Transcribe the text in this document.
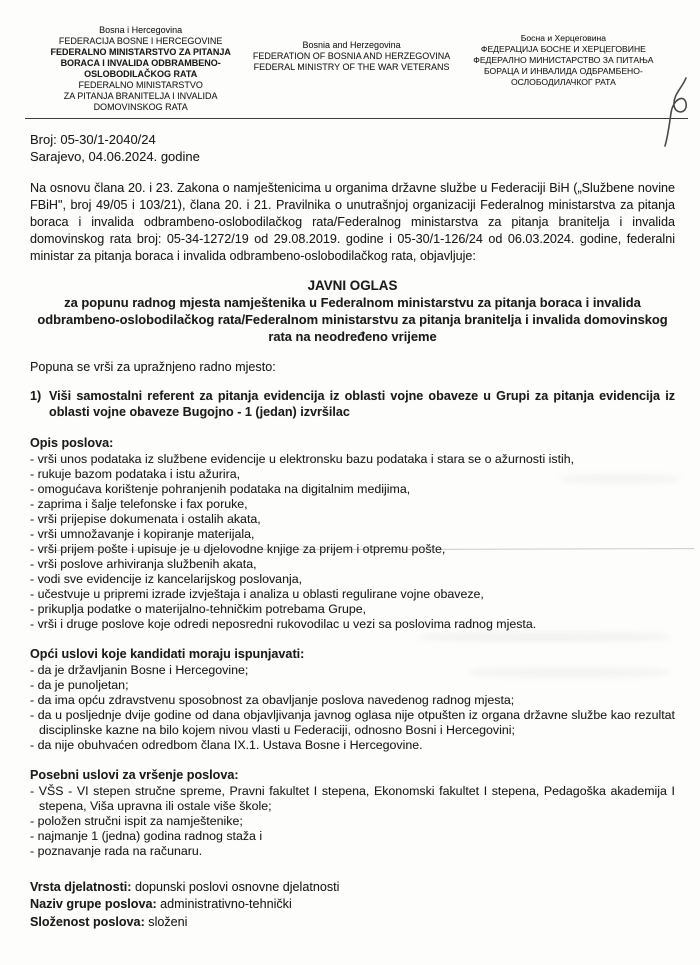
Bosna i Hercegovina
FEDERACIJA BOSNE I HERCEGOVINE
FEDERALNO MINISTARSTVO ZA PITANJA
BORACA I INVALIDA ODBRAMBENO-
OSLOBODILAČKOG RATA
FEDERALNO MINISTARSTVO
ZA PITANJA BRANITELJA I INVALIDA
DOMOVINSKOG RATA
Bosnia and Herzegovina
FEDERATION OF BOSNIA AND HERZEGOVINA
FEDERAL MINISTRY OF THE WAR VETERANS
Босна и Херцеговина
ФЕДЕРАЦИЈА БОСНЕ И ХЕРЦЕГОВИНЕ
ФЕДЕРАЛНО МИНИСТАРСТВО ЗА ПИТАЊА
БОРАЦА И ИНВАЛИДА ОДБРАМБЕНО-
ОСЛОБОДИЛАЧКОГ РАТА
Broj: 05-30/1-2040/24
Sarajevo, 04.06.2024. godine

Na osnovu člana 20. i 23. Zakona o namještenicima u organima državne službe u Federaciji BiH („Službene novine FBiH", broj 49/05 i 103/21), člana 20. i 21. Pravilnika o unutrašnjoj organizaciji Federalnog ministarstva za pitanja boraca i invalida odbrambeno-oslobodilačkog rata/Federalnog ministarstva za pitanja branitelja i invalida domovinskog rata broj: 05-34-1272/19 od 29.08.2019. godine i 05-30/1-126/24 od 06.03.2024. godine, federalni ministar za pitanja boraca i invalida odbrambeno-oslobodilačkog rata, objavljuje:

JAVNI OGLAS
za popunu radnog mjesta namještenika u Federalnom ministarstvu za pitanja boraca i invalida odbrambeno-oslobodilačkog rata/Federalnom ministarstvu za pitanja branitelja i invalida domovinskog rata na neodređeno vrijeme

Popuna se vrši za upražnjeno radno mjesto:

1) Viši samostalni referent za pitanja evidencija iz oblasti vojne obaveze u Grupi za pitanja evidencija iz oblasti vojne obaveze Bugojno - 1 (jedan) izvršilac
Opis poslova:
- vrši unos podataka iz službene evidencije u elektronsku bazu podataka i stara se o ažurnosti istih,
- rukuje bazom podataka i istu ažurira,
- omogućava korištenje pohranjenih podataka na digitalnim medijima,
- zaprima i šalje telefonske i fax poruke,
- vrši prijepise dokumenata i ostalih akata,
- vrši umnožavanje i kopiranje materijala,
- vrši prijem pošte i upisuje je u djelovodne knjige za prijem i otpremu pošte,
- vrši poslove arhiviranja službenih akata,
- vodi sve evidencije iz kancelarijskog poslovanja,
- učestvuje u pripremi izrade izvještaja i analiza u oblasti regulirane vojne obaveze,
- prikuplja podatke o materijalno-tehničkim potrebama Grupe,
- vrši i druge poslove koje odredi neposredni rukovodilac u vezi sa poslovima radnog mjesta.
Opći uslovi koje kandidati moraju ispunjavati:
- da je državljanin Bosne i Hercegovine;
- da je punoljetan;
- da ima opću zdravstvenu sposobnost za obavljanje poslova navedenog radnog mjesta;
- da u posljednje dvije godine od dana objavljivanja javnog oglasa nije otpušten iz organa državne službe kao rezultat disciplinske kazne na bilo kojem nivou vlasti u Federaciji, odnosno Bosni i Hercegovini;
- da nije obuhvaćen odredbom člana IX.1. Ustava Bosne i Hercegovine.
Posebni uslovi za vršenje poslova:
- VŠS - VI stepen stručne spreme, Pravni fakultet I stepena, Ekonomski fakultet I stepena, Pedagoška akademija I stepena, Viša upravna ili ostale više škole;
- položen stručni ispit za namještenike;
- najmanje 1 (jedna) godina radnog staža i
- poznavanje rada na računaru.
Vrsta djelatnosti: dopunski poslovi osnovne djelatnosti
Naziv grupe poslova: administrativno-tehnički
Složenost poslova: složeni
